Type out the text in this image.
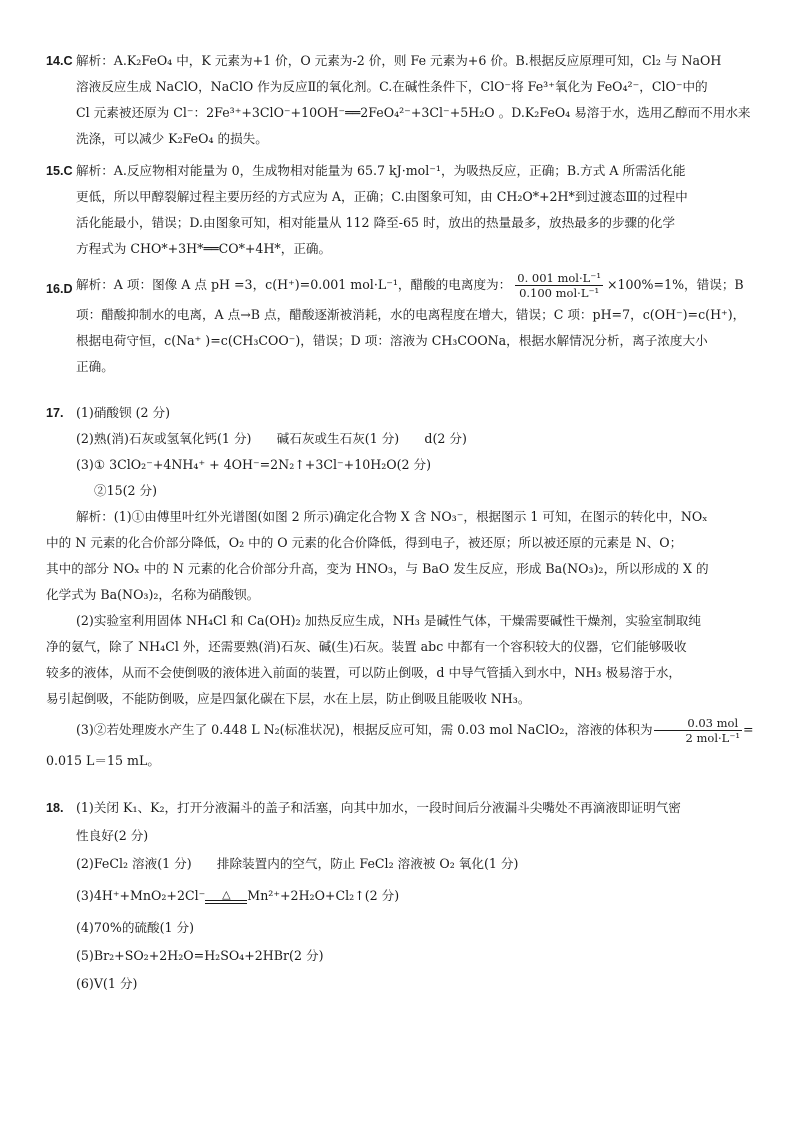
14.C 解析：A.K₂FeO₄ 中，K 元素为+1 价，O 元素为-2 价，则 Fe 元素为+6 价。B.根据反应原理可知，Cl₂ 与 NaOH
溶液反应生成 NaClO，NaClO 作为反应Ⅱ的氧化剂。C.在碱性条件下，ClO⁻将 Fe³⁺氧化为 FeO₄²⁻，ClO⁻中的
Cl 元素被还原为 Cl⁻：2Fe³⁺+3ClO⁻+10OH⁻══2FeO₄²⁻+3Cl⁻+5H₂O 。D.K₂FeO₄ 易溶于水，选用乙醇而不用水来
洗涤，可以减少 K₂FeO₄ 的损失。
15.C 解析：A.反应物相对能量为 0，生成物相对能量为 65.7 kJ·mol⁻¹，为吸热反应，正确；B.方式 A 所需活化能
更低，所以甲醇裂解过程主要历经的方式应为 A，正确；C.由图象可知，由 CH₂O*+2H*到过渡态Ⅲ的过程中
活化能最小，错误；D.由图象可知，相对能量从 112 降至-65 时，放出的热量最多，放热最多的步骤的化学
方程式为 CHO*+3H*══CO*+4H*，正确。
16.D 解析：A 项：图像 A 点 pH =3，c(H⁺)=0.001 mol·L⁻¹，醋酸的电离度为： $\frac{\text{0. 001 mol·L⁻¹}}{\text{0.100 mol·L⁻¹}} \times 100\%=1\%$，错误；B
项：醋酸抑制水的电离，A 点→B 点，醋酸逐渐被消耗，水的电离程度在增大，错误；C 项：pH=7，c(OH⁻)=c(H⁺)，
根据电荷守恒，c(Na⁺ )=c(CH₃COO⁻)，错误；D 项：溶液为 CH₃COONa，根据水解情况分析，离子浓度大小
正确。
17. (1)硝酸钡 (2 分)
(2)熟(消)石灰或氢氧化钙(1 分)　　碱石灰或生石灰(1 分)　　d(2 分)
(3)① 3ClO₂⁻+4NH₄⁺ + 4OH⁻=2N₂↑+3Cl⁻+10H₂O(2 分)
②15(2 分)
解析：(1)①由傅里叶红外光谱图(如图 2 所示)确定化合物 X 含 NO₃⁻，根据图示 1 可知，在图示的转化中，NOₓ
中的 N 元素的化合价部分降低，O₂ 中的 O 元素的化合价降低，得到电子，被还原；所以被还原的元素是 N、O；
其中的部分 NOₓ 中的 N 元素的化合价部分升高，变为 HNO₃，与 BaO 发生反应，形成 Ba(NO₃)₂，所以形成的 X 的
化学式为 Ba(NO₃)₂，名称为硝酸钡。
(2)实验室利用固体 NH₄Cl 和 Ca(OH)₂ 加热反应生成，NH₃ 是碱性气体，干燥需要碱性干燥剂，实验室制取纯
净的氨气，除了 NH₄Cl 外，还需要熟(消)石灰、碱(生)石灰。装置 abc 中都有一个容积较大的仪器，它们能够吸收
较多的液体，从而不会使倒吸的液体进入前面的装置，可以防止倒吸，d 中导气管插入到水中，NH₃ 极易溶于水，
易引起倒吸，不能防倒吸，应是四氯化碳在下层，水在上层，防止倒吸且能吸收 NH₃。
(3)②若处理废水产生了 0.448 L N₂(标准状况)，根据反应可知，需 0.03 mol NaClO₂，溶液的体积为 $\frac{\text{0.03 mol}}{\text{2 mol·L⁻¹}}$ =
0.015 L＝15 mL。
18. (1)关闭 K₁、K₂，打开分液漏斗的盖子和活塞，向其中加水，一段时间后分液漏斗尖嘴处不再滴液即证明气密
性良好(2 分)
(2)FeCl₂ 溶液(1 分)　　排除装置内的空气，防止 FeCl₂ 溶液被 O₂ 氧化(1 分)
(3)4H⁺+MnO₂+2Cl⁻	△	Mn²⁺+2H₂O+Cl₂↑(2 分)
(4)70%的硫酸(1 分)
(5)Br₂+SO₂+2H₂O=H₂SO₄+2HBr(2 分)
(6)V(1 分)
